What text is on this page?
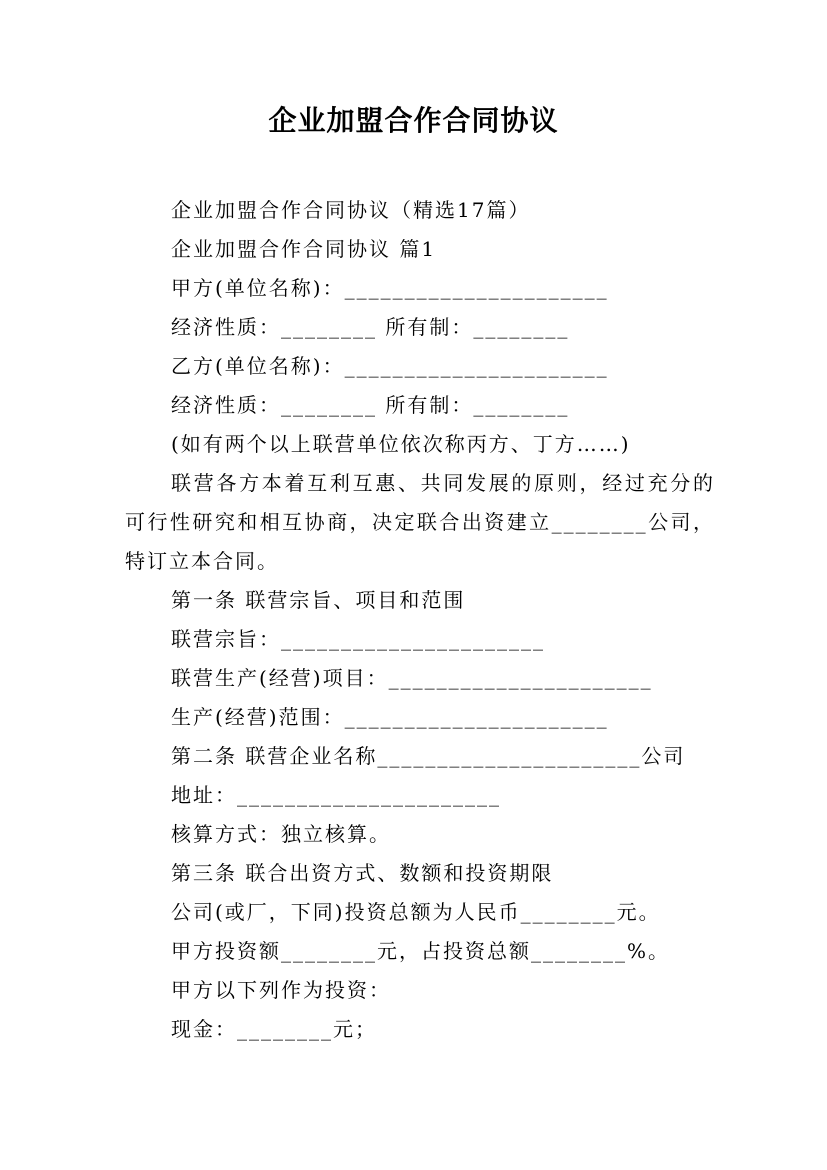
企业加盟合作合同协议

企业加盟合作合同协议（精选17篇）

企业加盟合作合同协议 篇1

甲方(单位名称)：______________________

经济性质：________ 所有制：________

乙方(单位名称)：______________________

经济性质：________ 所有制：________

(如有两个以上联营单位依次称丙方、丁方……)

联营各方本着互利互惠、共同发展的原则，经过充分的可行性研究和相互协商，决定联合出资建立________公司，特订立本合同。

第一条 联营宗旨、项目和范围

联营宗旨：______________________

联营生产(经营)项目：______________________

生产(经营)范围：______________________

第二条 联营企业名称______________________公司

地址：______________________

核算方式：独立核算。

第三条 联合出资方式、数额和投资期限

公司(或厂，下同)投资总额为人民币________元。

甲方投资额________元，占投资总额________%。

甲方以下列作为投资：

现金：________元；
